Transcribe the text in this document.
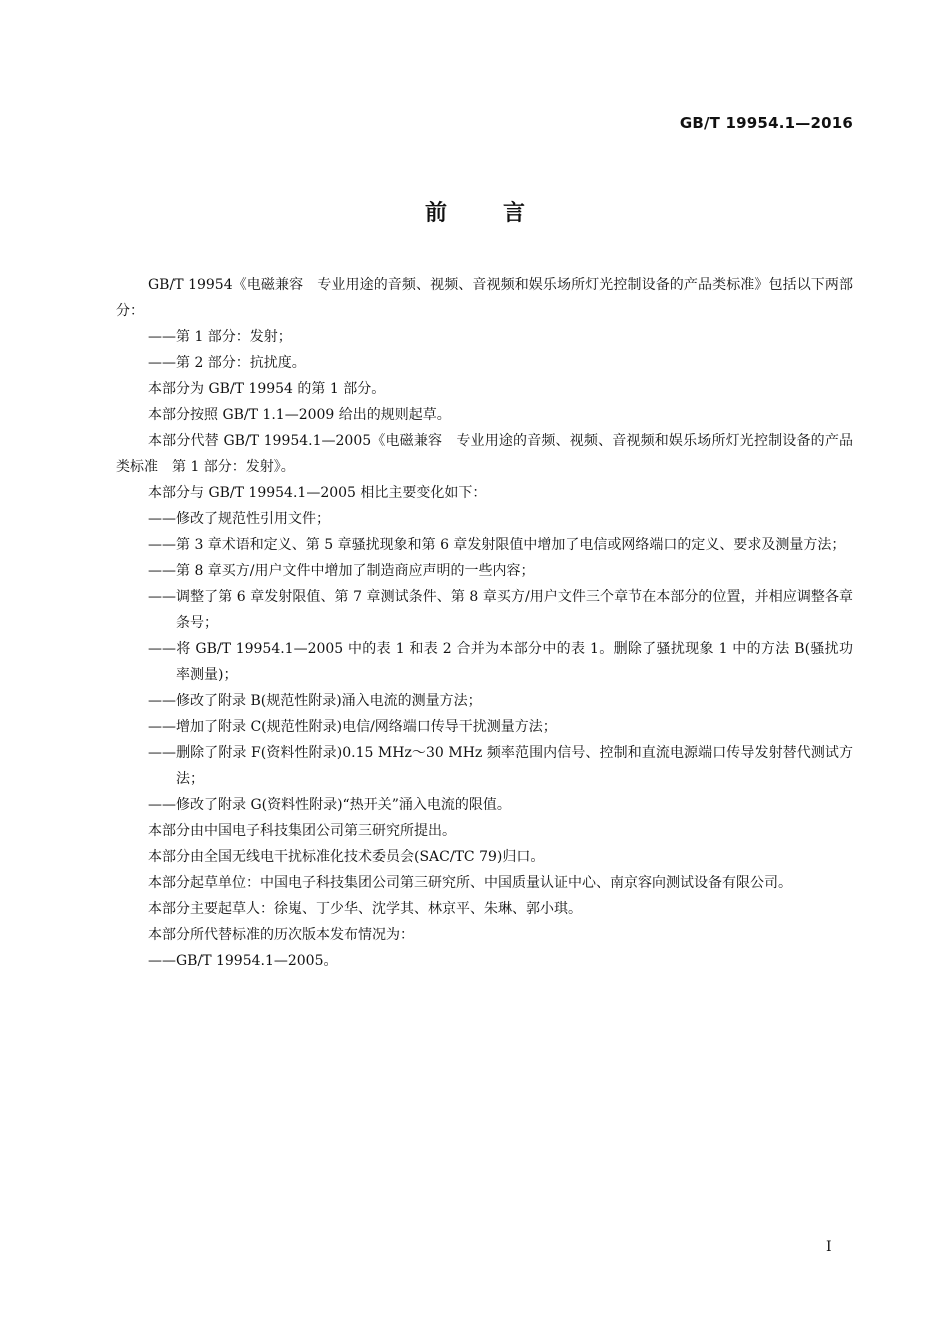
GB/T 19954.1—2016
前言

GB/T 19954《电磁兼容　专业用途的音频、视频、音视频和娱乐场所灯光控制设备的产品类标准》包括以下两部分：

——第 1 部分：发射；

——第 2 部分：抗扰度。

本部分为 GB/T 19954 的第 1 部分。

本部分按照 GB/T 1.1—2009 给出的规则起草。

本部分代替 GB/T 19954.1—2005《电磁兼容　专业用途的音频、视频、音视频和娱乐场所灯光控制设备的产品类标准　第 1 部分：发射》。

本部分与 GB/T 19954.1—2005 相比主要变化如下：

——修改了规范性引用文件；

——第 3 章术语和定义、第 5 章骚扰现象和第 6 章发射限值中增加了电信或网络端口的定义、要求及测量方法；

——第 8 章买方/用户文件中增加了制造商应声明的一些内容；

——调整了第 6 章发射限值、第 7 章测试条件、第 8 章买方/用户文件三个章节在本部分的位置，并相应调整各章条号；

——将 GB/T 19954.1—2005 中的表 1 和表 2 合并为本部分中的表 1。删除了骚扰现象 1 中的方法 B(骚扰功率测量)；

——修改了附录 B(规范性附录)涌入电流的测量方法；

——增加了附录 C(规范性附录)电信/网络端口传导干扰测量方法；

——删除了附录 F(资料性附录)0.15 MHz～30 MHz 频率范围内信号、控制和直流电源端口传导发射替代测试方法；

——修改了附录 G(资料性附录)“热开关”涌入电流的限值。

本部分由中国电子科技集团公司第三研究所提出。

本部分由全国无线电干扰标准化技术委员会(SAC/TC 79)归口。

本部分起草单位：中国电子科技集团公司第三研究所、中国质量认证中心、南京容向测试设备有限公司。

本部分主要起草人：徐嵬、丁少华、沈学其、林京平、朱琳、郭小琪。

本部分所代替标准的历次版本发布情况为：

——GB/T 19954.1—2005。

I
